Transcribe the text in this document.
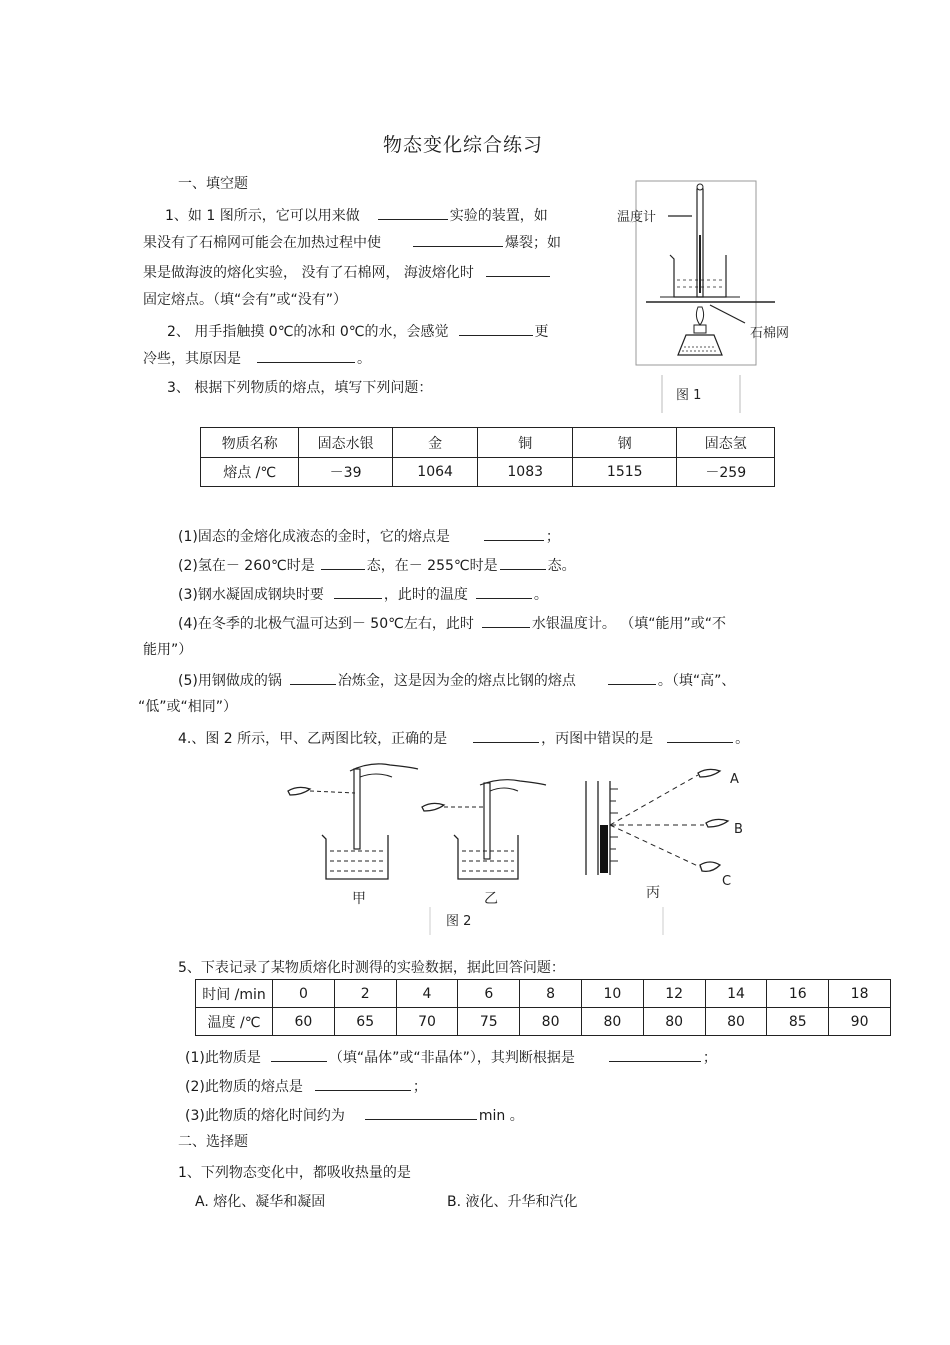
物态变化综合练习
一、填空题
1、如 1 图所示，它可以用来做	实验的装置，如
果没有了石棉网可能会在加热过程中使	爆裂；如
果是做海波的熔化实验， 没有了石棉网， 海波熔化时
固定熔点。（填“会有”或“没有”）
温度计
石棉网
图 1
2、 用手指触摸 0℃的冰和 0℃的水，会感觉	更
冷些，其原因是	。
3、 根据下列物质的熔点，填写下列问题：
物质名称	固态水银	金	铜	钢	固态氢
熔点 /℃	－39	1064	1083	1515	－259
(1)固态的金熔化成液态的金时，它的熔点是	；
(2)氢在－ 260℃时是	态，在－ 255℃时是	态。
(3)钢水凝固成钢块时要	，此时的温度	。
(4)在冬季的北极气温可达到－ 50℃左右，此时	水银温度计。 （填“能用”或“不
能用”）
(5)用钢做成的锅	冶炼金，这是因为金的熔点比钢的熔点	。（填“高”、
“低”或“相同”）
4.、图 2 所示，甲、乙两图比较，正确的是	，丙图中错误的是	。
甲	乙
A
B
C
丙
图 2
5、下表记录了某物质熔化时测得的实验数据，据此回答问题：
时间 /min	0	2	4	6	8	10	12	14	16	18
温度 /℃	60	65	70	75	80	80	80	80	85	90
(1)此物质是	（填“晶体”或“非晶体”），其判断根据是	；
(2)此物质的熔点是	；
(3)此物质的熔化时间约为	min 。
二、选择题
1、下列物态变化中，都吸收热量的是
A. 熔化、凝华和凝固	B. 液化、升华和汽化
